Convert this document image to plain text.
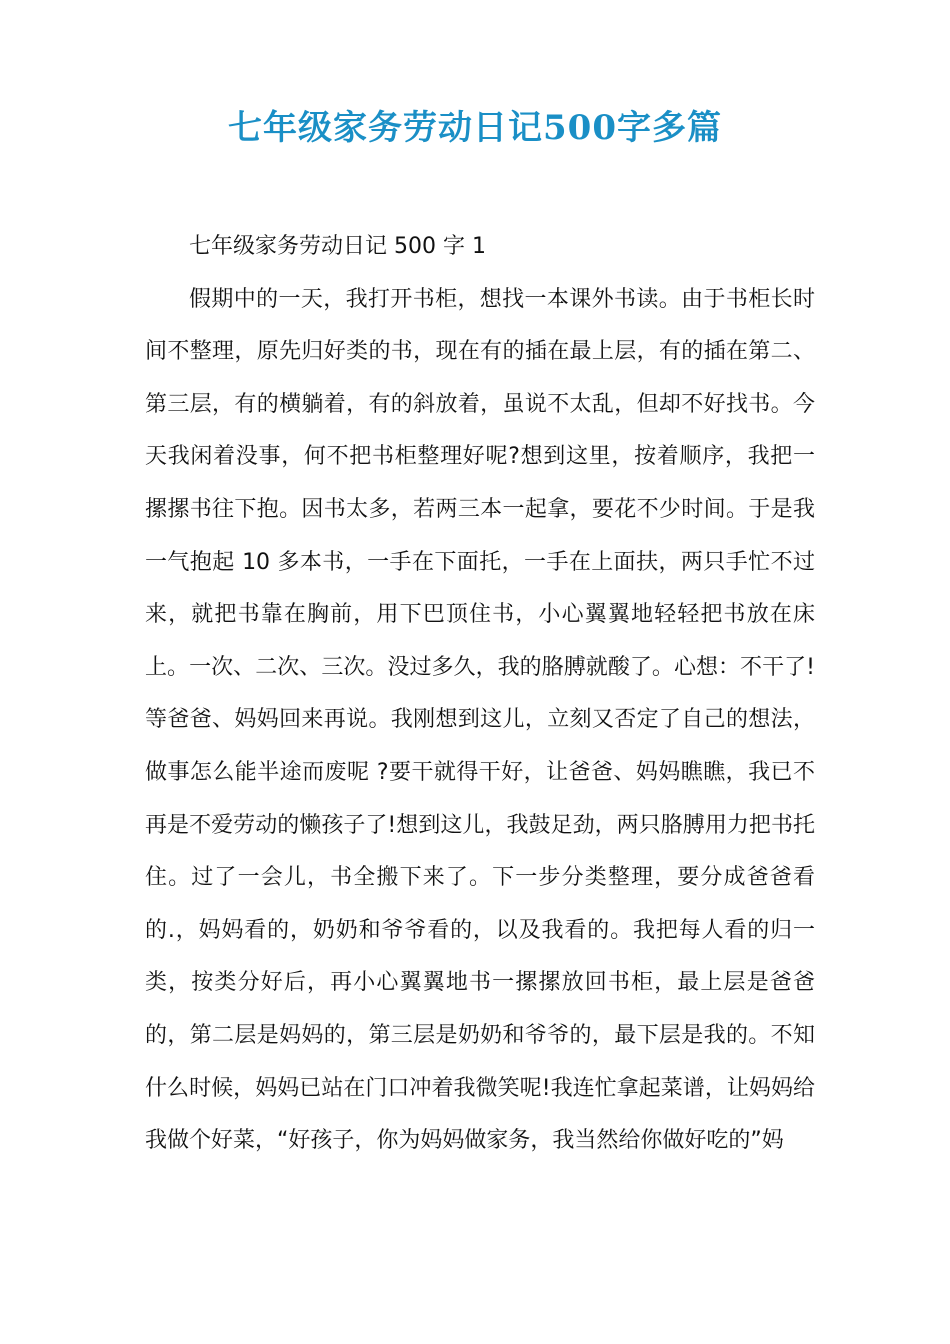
七年级家务劳动日记500字多篇

七年级家务劳动日记 500 字 1

假期中的一天，我打开书柜，想找一本课外书读。由于书柜长时间不整理，原先归好类的书，现在有的插在最上层，有的插在第二、第三层，有的横躺着，有的斜放着，虽说不太乱，但却不好找书。今天我闲着没事，何不把书柜整理好呢?想到这里，按着顺序，我把一摞摞书往下抱。因书太多，若两三本一起拿，要花不少时间。于是我一气抱起 10 多本书，一手在下面托，一手在上面扶，两只手忙不过来，就把书靠在胸前，用下巴顶住书，小心翼翼地轻轻把书放在床上。一次、二次、三次。没过多久，我的胳膊就酸了。心想：不干了!等爸爸、妈妈回来再说。我刚想到这儿，立刻又否定了自己的想法，做事怎么能半途而废呢 ?要干就得干好，让爸爸、妈妈瞧瞧，我已不再是不爱劳动的懒孩子了!想到这儿，我鼓足劲，两只胳膊用力把书托住。过了一会儿，书全搬下来了。下一步分类整理，要分成爸爸看的.，妈妈看的，奶奶和爷爷看的，以及我看的。我把每人看的归一类，按类分好后，再小心翼翼地书一摞摞放回书柜，最上层是爸爸的，第二层是妈妈的，第三层是奶奶和爷爷的，最下层是我的。不知什么时候，妈妈已站在门口冲着我微笑呢!我连忙拿起菜谱，让妈妈给我做个好菜，“好孩子，你为妈妈做家务，我当然给你做好吃的”妈
